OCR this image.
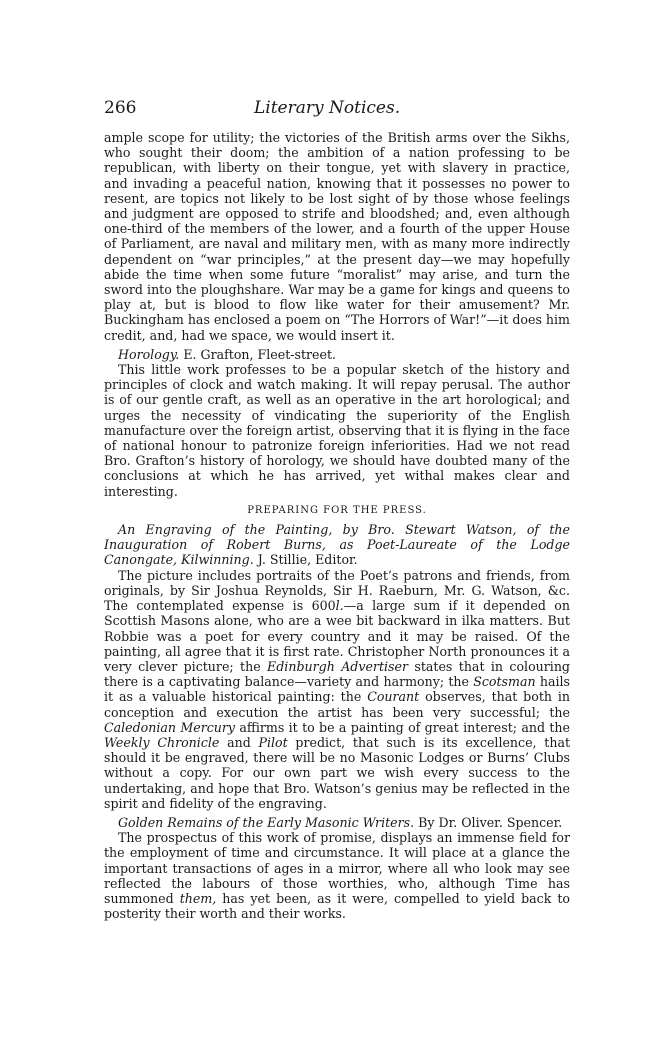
266	Literary Notices.

ample scope for utility; the victories of the British arms over the Sikhs, who sought their doom; the ambition of a nation professing to be republican, with liberty on their tongue, yet with slavery in practice, and invading a peaceful nation, knowing that it possesses no power to resent, are topics not likely to be lost sight of by those whose feelings and judgment are opposed to strife and bloodshed; and, even although one-third of the members of the lower, and a fourth of the upper House of Parliament, are naval and military men, with as many more indirectly dependent on “war principles,” at the present day—we may hopefully abide the time when some future “moralist” may arise, and turn the sword into the ploughshare. War may be a game for kings and queens to play at, but is blood to flow like water for their amusement? Mr. Buckingham has enclosed a poem on “The Horrors of War!”—it does him credit, and, had we space, we would insert it.

Horology. E. Grafton, Fleet-street.

This little work professes to be a popular sketch of the history and principles of clock and watch making. It will repay perusal. The author is of our gentle craft, as well as an operative in the art horological; and urges the necessity of vindicating the superiority of the English manufacture over the foreign artist, observing that it is flying in the face of national honour to patronize foreign inferiorities. Had we not read Bro. Grafton’s history of horology, we should have doubted many of the conclusions at which he has arrived, yet withal makes clear and interesting.

PREPARING FOR THE PRESS.

An Engraving of the Painting, by Bro. Stewart Watson, of the Inauguration of Robert Burns, as Poet-Laureate of the Lodge Canongate, Kilwinning. J. Stillie, Editor.

The picture includes portraits of the Poet’s patrons and friends, from originals, by Sir Joshua Reynolds, Sir H. Raeburn, Mr. G. Watson, &c. The contemplated expense is 600l.—a large sum if it depended on Scottish Masons alone, who are a wee bit backward in ilka matters. But Robbie was a poet for every country and it may be raised. Of the painting, all agree that it is first rate. Christopher North pronounces it a very clever picture; the Edinburgh Advertiser states that in colouring there is a captivating balance—variety and harmony; the Scotsman hails it as a valuable historical painting: the Courant observes, that both in conception and execution the artist has been very successful; the Caledonian Mercury affirms it to be a painting of great interest; and the Weekly Chronicle and Pilot predict, that such is its excellence, that should it be engraved, there will be no Masonic Lodges or Burns’ Clubs without a copy. For our own part we wish every success to the undertaking, and hope that Bro. Watson’s genius may be reflected in the spirit and fidelity of the engraving.

Golden Remains of the Early Masonic Writers. By Dr. Oliver. Spencer.

The prospectus of this work of promise, displays an immense field for the employment of time and circumstance. It will place at a glance the important transactions of ages in a mirror, where all who look may see reflected the labours of those worthies, who, although Time has summoned them, has yet been, as it were, compelled to yield back to posterity their worth and their works.
